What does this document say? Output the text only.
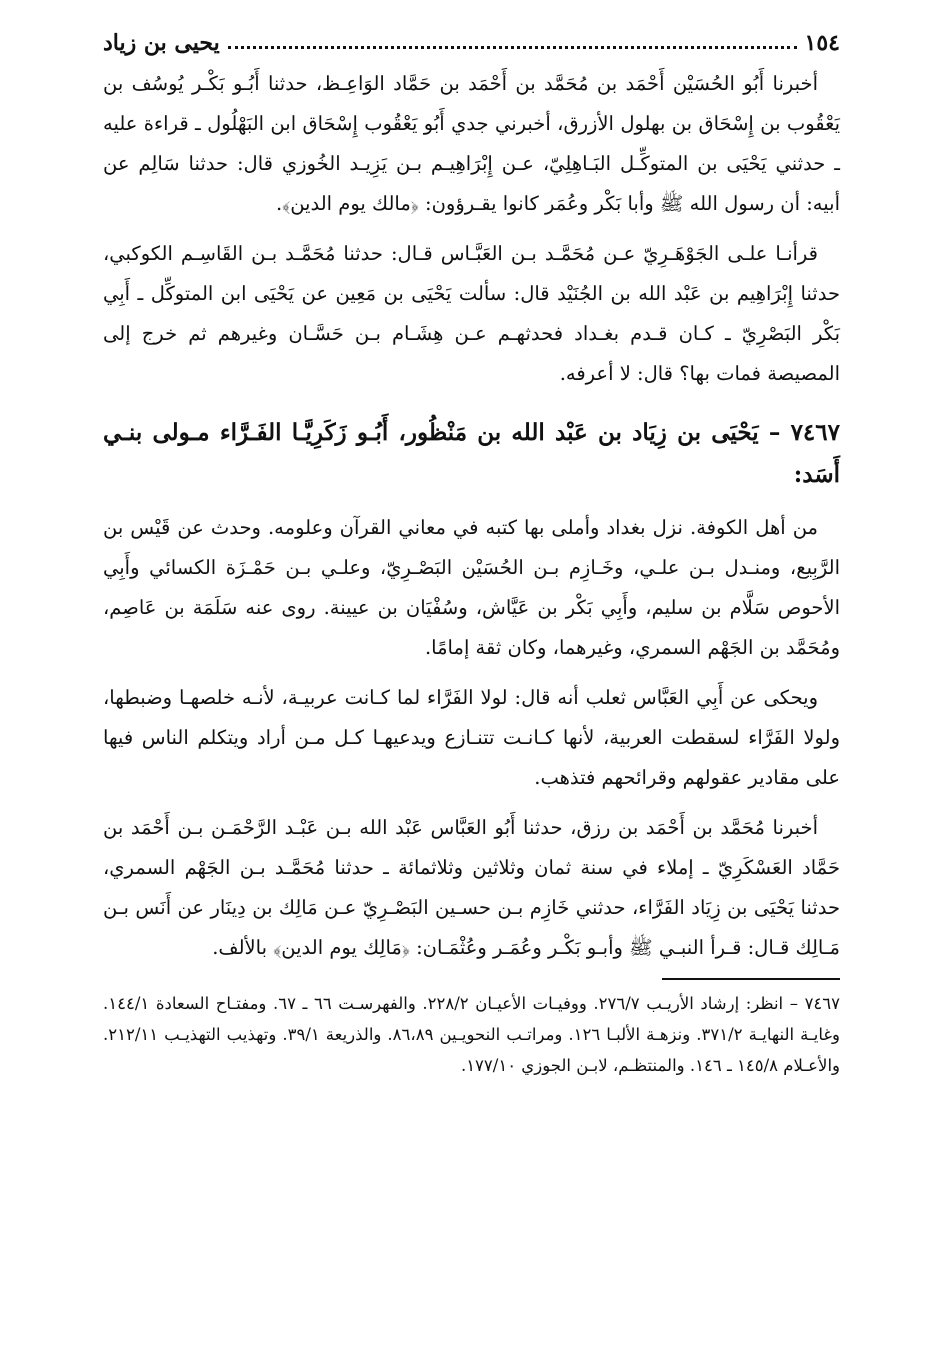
١٥٤
يحيى بن زياد

أخبرنا أَبُو الحُسَيْن أَحْمَد بن مُحَمَّد بن أَحْمَد بن حَمَّاد الوَاعِـظ، حدثنا أَبُـو بَكْـر يُوسُف بن يَعْقُوب بن إِسْحَاق بن بهلول الأزرق، أخبرني جدي أَبُو يَعْقُوب إِسْحَاق ابن البَهْلُول ـ قراءة عليه ـ حدثني يَحْيَى بن المتوكِّـل البَـاهِلِيّ، عـن إِبْرَاهِيـم بـن يَزِيـد الخُوزي قال: حدثنا سَالِم عن أبيه: أن رسول الله ﷺ وأبا بَكْر وعُمَر كانوا يقـرؤون: ﴿مالك يوم الدين﴾.

قرأنـا علـى الجَوْهَـرِيّ عـن مُحَمَّـد بـن العَبَّـاس قـال: حدثنا مُحَمَّـد بـن القَاسِـم الكوكبي، حدثنا إِبْرَاهِيم بن عَبْد الله بن الجُنَيْد قال: سألت يَحْيَى بن مَعِين عن يَحْيَى ابن المتوكِّل ـ أَبِي بَكْر البَصْرِيّ ـ كـان قـدم بغـداد فحدثهـم عـن هِشَـام بـن حَسَّـان وغيرهم ثم خرج إلى المصيصة فمات بها؟ قال: لا أعرفه.

٧٤٦٧ – يَحْيَى بن زِيَاد بن عَبْد الله بن مَنْظُور، أَبُـو زَكَرِيَّـا الفَـرَّاء مـولى بنـي أَسَد:

من أهل الكوفة. نزل بغداد وأملى بها كتبه في معاني القرآن وعلومه. وحدث عن قَيْس بن الرَّبِيع، ومنـدل بـن علـي، وخَـازِم بـن الحُسَيْن البَصْـرِيّ، وعلـي بـن حَمْـزَة الكسائي وأَبِي الأحوص سَلَّام بن سليم، وأَبِي بَكْر بن عَيَّاش، وسُفْيَان بن عيينة. روى عنه سَلَمَة بن عَاصِم، ومُحَمَّد بن الجَهْم السمري، وغيرهما، وكان ثقة إمامًا.

ويحكى عن أَبِي العَبَّاس ثعلب أنه قال: لولا الفَرَّاء لما كـانت عربيـة، لأنـه خلصهـا وضبطها، ولولا الفَرَّاء لسقطت العربية، لأنها كـانـت تتنـازع ويدعيهـا كـل مـن أراد ويتكلم الناس فيها على مقادير عقولهم وقرائحهم فتذهب.

أخبرنا مُحَمَّد بن أَحْمَد بن رزق، حدثنا أَبُو العَبَّاس عَبْد الله بـن عَبْـد الرَّحْمَـن بـن أَحْمَد بن حَمَّاد العَسْكَرِيّ ـ إملاء في سنة ثمان وثلاثين وثلاثمائة ـ حدثنا مُحَمَّـد بـن الجَهْم السمري، حدثنا يَحْيَى بن زِيَاد الفَرَّاء، حدثني خَازِم بـن حسـين البَصْـرِيّ عـن مَالِك بن دِينَار عن أَنَس بـن مَـالِك قـال: قـرأ النبـي ﷺ وأبـو بَكْـر وعُمَـر وعُثْمَـان: ﴿مَالِك يوم الدين﴾ بالألف.

٧٤٦٧ – انظر: إرشاد الأريـب ٢٧٦/٧. ووفيـات الأعيـان ٢٢٨/٢. والفهرسـت ٦٦ ـ ٦٧. ومفتـاح السعادة ١٤٤/١. وغايـة النهايـة ٣٧١/٢. ونزهـة الألبـا ١٢٦. ومراتـب النحويـين ٨٦،٨٩. والذريعة ٣٩/١. وتهذيب التهذيـب ٢١٢/١١. والأعـلام ١٤٥/٨ ـ ١٤٦. والمنتظـم، لابـن الجوزي ١٧٧/١٠.
